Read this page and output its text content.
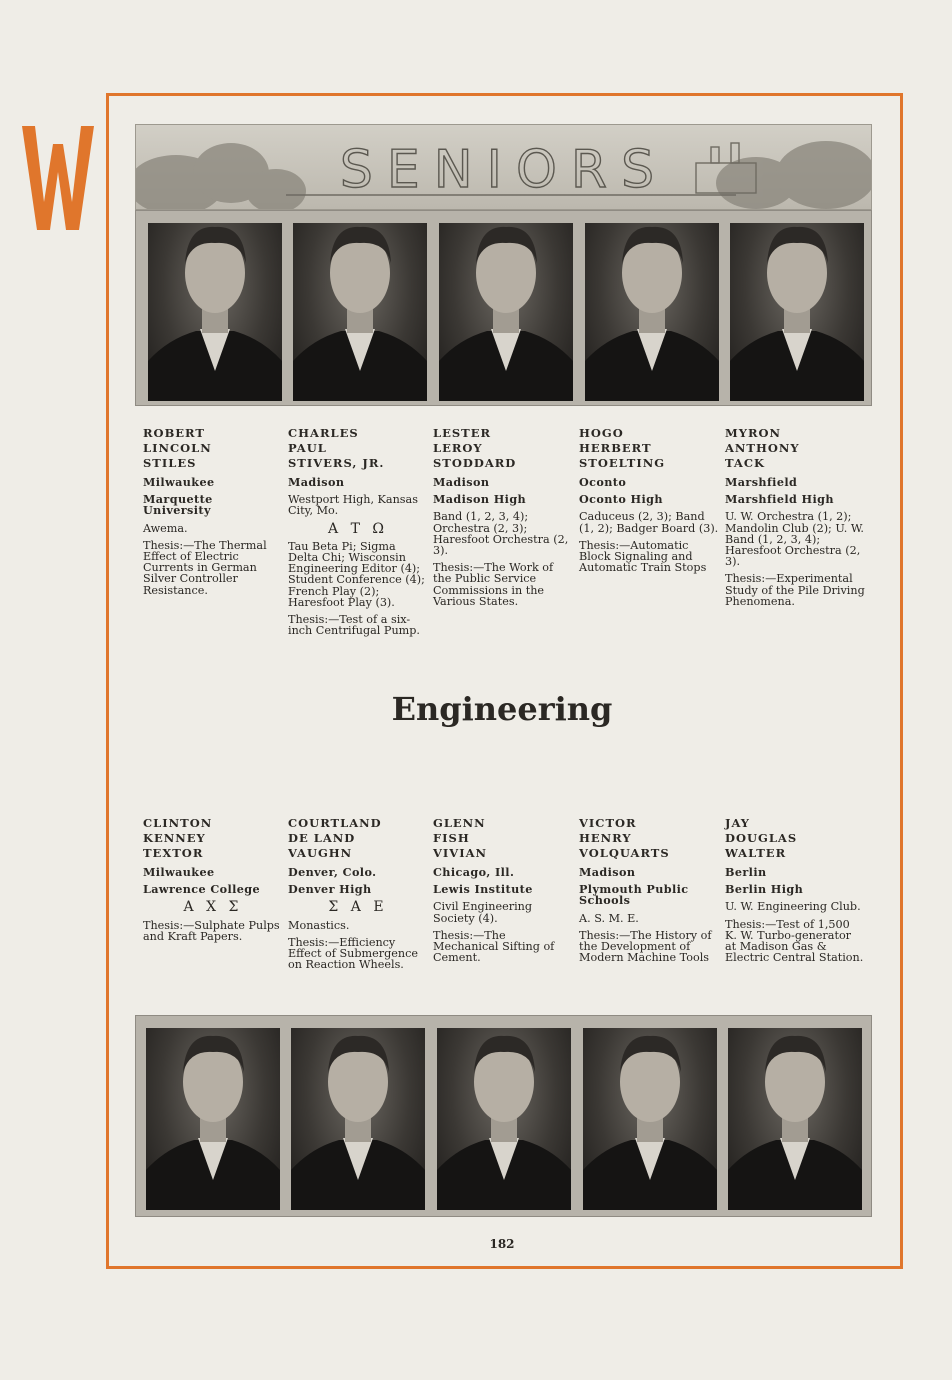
SENIORS
ROBERT
LINCOLN
STILES
Milwaukee
Marquette University
Awema.
Thesis:—The Thermal Effect of Electric Currents in German Silver Controller Resistance.
CHARLES
PAUL
STIVERS, JR.
Madison
Westport High, Kansas City, Mo.
Α Τ Ω
Tau Beta Pi; Sigma Delta Chi; Wisconsin Engineering Editor (4); Student Conference (4); French Play (2); Haresfoot Play (3).
Thesis:—Test of a six-inch Centrifugal Pump.
LESTER
LEROY
STODDARD
Madison
Madison High
Band (1, 2, 3, 4); Orchestra (2, 3); Haresfoot Orchestra (2, 3).
Thesis:—The Work of the Public Service Commissions in the Various States.
HOGO
HERBERT
STOELTING
Oconto
Oconto High
Caduceus (2, 3); Band (1, 2); Badger Board (3).
Thesis:—Automatic Block Signaling and Automatic Train Stops
MYRON
ANTHONY
TACK
Marshfield
Marshfield High
U. W. Orchestra (1, 2); Mandolin Club (2); U. W. Band (1, 2, 3, 4); Haresfoot Orchestra (2, 3).
Thesis:—Experimental Study of the Pile Driving Phenomena.
Engineering
CLINTON
KENNEY
TEXTOR
Milwaukee
Lawrence College
Α Χ Σ
Thesis:—Sulphate Pulps and Kraft Papers.
COURTLAND
DE LAND
VAUGHN
Denver, Colo.
Denver High
Σ Α Ε
Monastics.
Thesis:—Efficiency Effect of Submergence on Reaction Wheels.
GLENN
FISH
VIVIAN
Chicago, Ill.
Lewis Institute
Civil Engineering Society (4).
Thesis:—The Mechanical Sifting of Cement.
VICTOR
HENRY
VOLQUARTS
Madison
Plymouth Public Schools
A. S. M. E.
Thesis:—The History of the Development of Modern Machine Tools
JAY
DOUGLAS
WALTER
Berlin
Berlin High
U. W. Engineering Club.
Thesis:—Test of 1,500 K. W. Turbo-generator at Madison Gas & Electric Central Station.
182
